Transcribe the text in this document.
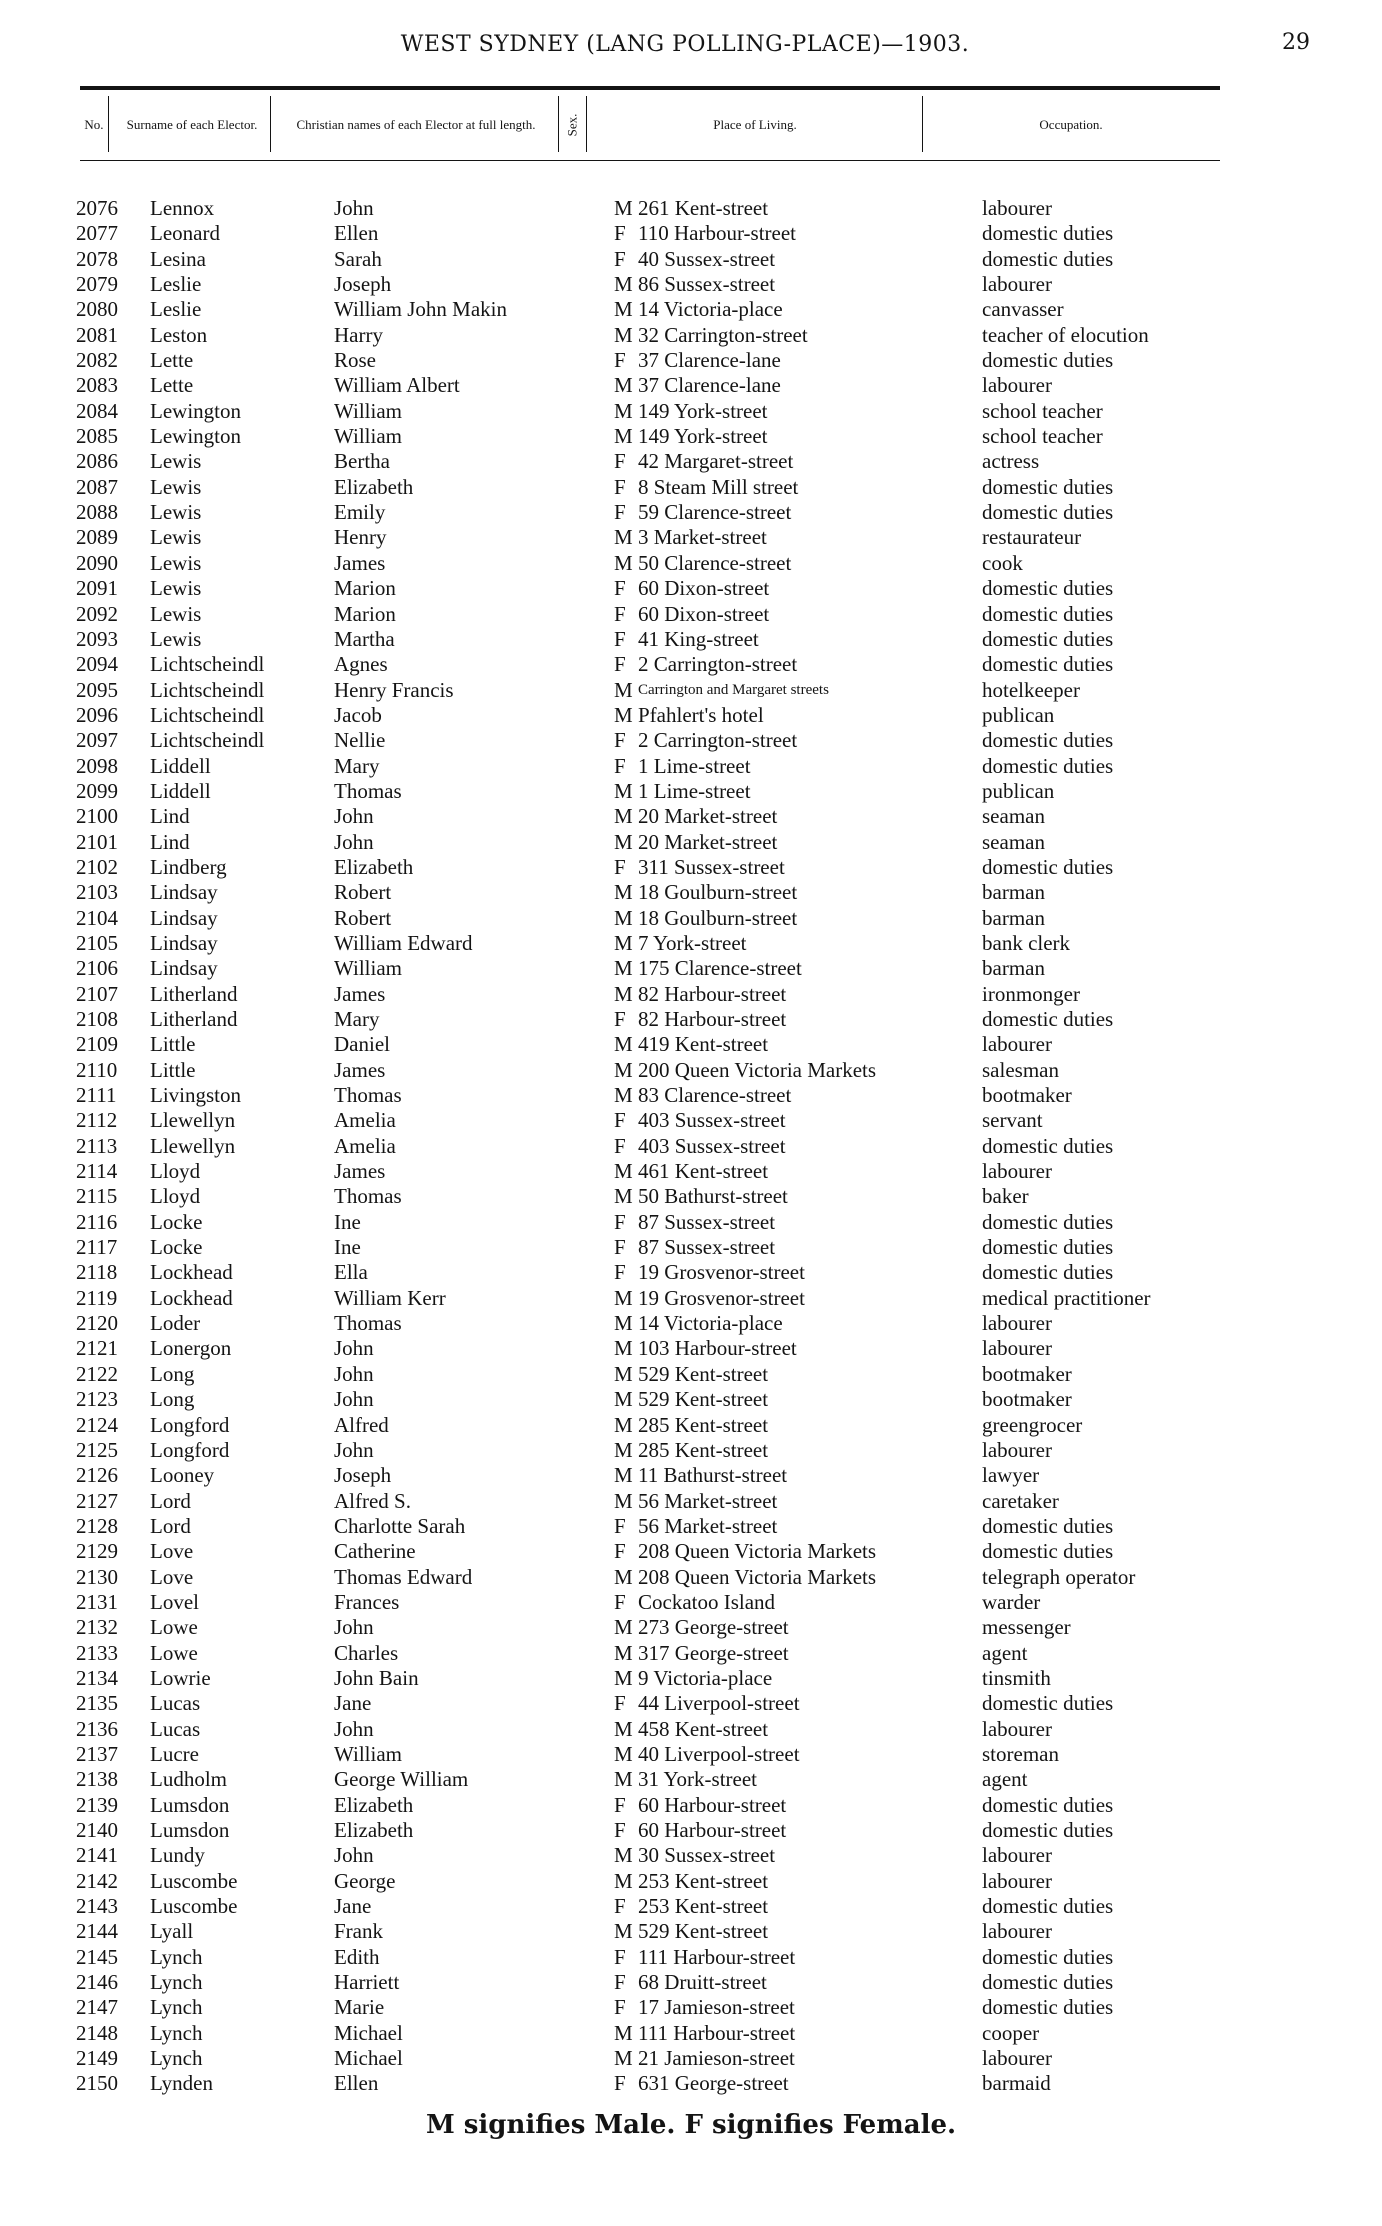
WEST SYDNEY (LANG POLLING-PLACE)—1903.	29
No.	Surname of each Elector.	Christian names of each Elector at full length.	Sex.	Place of Living.	Occupation.
2076	Lennox	John	M 261 Kent-street	labourer
2077	Leonard	Ellen	F 110 Harbour-street	domestic duties
2078	Lesina	Sarah	F 40 Sussex-street	domestic duties
2079	Leslie	Joseph	M 86 Sussex-street	labourer
2080	Leslie	William John Makin	M 14 Victoria-place	canvasser
2081	Leston	Harry	M 32 Carrington-street	teacher of elocution
2082	Lette	Rose	F 37 Clarence-lane	domestic duties
2083	Lette	William Albert	M 37 Clarence-lane	labourer
2084	Lewington	William	M 149 York-street	school teacher
2085	Lewington	William	M 149 York-street	school teacher
2086	Lewis	Bertha	F 42 Margaret-street	actress
2087	Lewis	Elizabeth	F 8 Steam Mill street	domestic duties
2088	Lewis	Emily	F 59 Clarence-street	domestic duties
2089	Lewis	Henry	M 3 Market-street	restaurateur
2090	Lewis	James	M 50 Clarence-street	cook
2091	Lewis	Marion	F 60 Dixon-street	domestic duties
2092	Lewis	Marion	F 60 Dixon-street	domestic duties
2093	Lewis	Martha	F 41 King-street	domestic duties
2094	Lichtscheindl	Agnes	F 2 Carrington-street	domestic duties
2095	Lichtscheindl	Henry Francis	M Carrington and Margaret streets	hotelkeeper
2096	Lichtscheindl	Jacob	M Pfahlert's hotel	publican
2097	Lichtscheindl	Nellie	F 2 Carrington-street	domestic duties
2098	Liddell	Mary	F 1 Lime-street	domestic duties
2099	Liddell	Thomas	M 1 Lime-street	publican
2100	Lind	John	M 20 Market-street	seaman
2101	Lind	John	M 20 Market-street	seaman
2102	Lindberg	Elizabeth	F 311 Sussex-street	domestic duties
2103	Lindsay	Robert	M 18 Goulburn-street	barman
2104	Lindsay	Robert	M 18 Goulburn-street	barman
2105	Lindsay	William Edward	M 7 York-street	bank clerk
2106	Lindsay	William	M 175 Clarence-street	barman
2107	Litherland	James	M 82 Harbour-street	ironmonger
2108	Litherland	Mary	F 82 Harbour-street	domestic duties
2109	Little	Daniel	M 419 Kent-street	labourer
2110	Little	James	M 200 Queen Victoria Markets	salesman
2111	Livingston	Thomas	M 83 Clarence-street	bootmaker
2112	Llewellyn	Amelia	F 403 Sussex-street	servant
2113	Llewellyn	Amelia	F 403 Sussex-street	domestic duties
2114	Lloyd	James	M 461 Kent-street	labourer
2115	Lloyd	Thomas	M 50 Bathurst-street	baker
2116	Locke	Ine	F 87 Sussex-street	domestic duties
2117	Locke	Ine	F 87 Sussex-street	domestic duties
2118	Lockhead	Ella	F 19 Grosvenor-street	domestic duties
2119	Lockhead	William Kerr	M 19 Grosvenor-street	medical practitioner
2120	Loder	Thomas	M 14 Victoria-place	labourer
2121	Lonergon	John	M 103 Harbour-street	labourer
2122	Long	John	M 529 Kent-street	bootmaker
2123	Long	John	M 529 Kent-street	bootmaker
2124	Longford	Alfred	M 285 Kent-street	greengrocer
2125	Longford	John	M 285 Kent-street	labourer
2126	Looney	Joseph	M 11 Bathurst-street	lawyer
2127	Lord	Alfred S.	M 56 Market-street	caretaker
2128	Lord	Charlotte Sarah	F 56 Market-street	domestic duties
2129	Love	Catherine	F 208 Queen Victoria Markets	domestic duties
2130	Love	Thomas Edward	M 208 Queen Victoria Markets	telegraph operator
2131	Lovel	Frances	F Cockatoo Island	warder
2132	Lowe	John	M 273 George-street	messenger
2133	Lowe	Charles	M 317 George-street	agent
2134	Lowrie	John Bain	M 9 Victoria-place	tinsmith
2135	Lucas	Jane	F 44 Liverpool-street	domestic duties
2136	Lucas	John	M 458 Kent-street	labourer
2137	Lucre	William	M 40 Liverpool-street	storeman
2138	Ludholm	George William	M 31 York-street	agent
2139	Lumsdon	Elizabeth	F 60 Harbour-street	domestic duties
2140	Lumsdon	Elizabeth	F 60 Harbour-street	domestic duties
2141	Lundy	John	M 30 Sussex-street	labourer
2142	Luscombe	George	M 253 Kent-street	labourer
2143	Luscombe	Jane	F 253 Kent-street	domestic duties
2144	Lyall	Frank	M 529 Kent-street	labourer
2145	Lynch	Edith	F 111 Harbour-street	domestic duties
2146	Lynch	Harriett	F 68 Druitt-street	domestic duties
2147	Lynch	Marie	F 17 Jamieson-street	domestic duties
2148	Lynch	Michael	M 111 Harbour-street	cooper
2149	Lynch	Michael	M 21 Jamieson-street	labourer
2150	Lynden	Ellen	F 631 George-street	barmaid
M signifies Male. F signifies Female.
